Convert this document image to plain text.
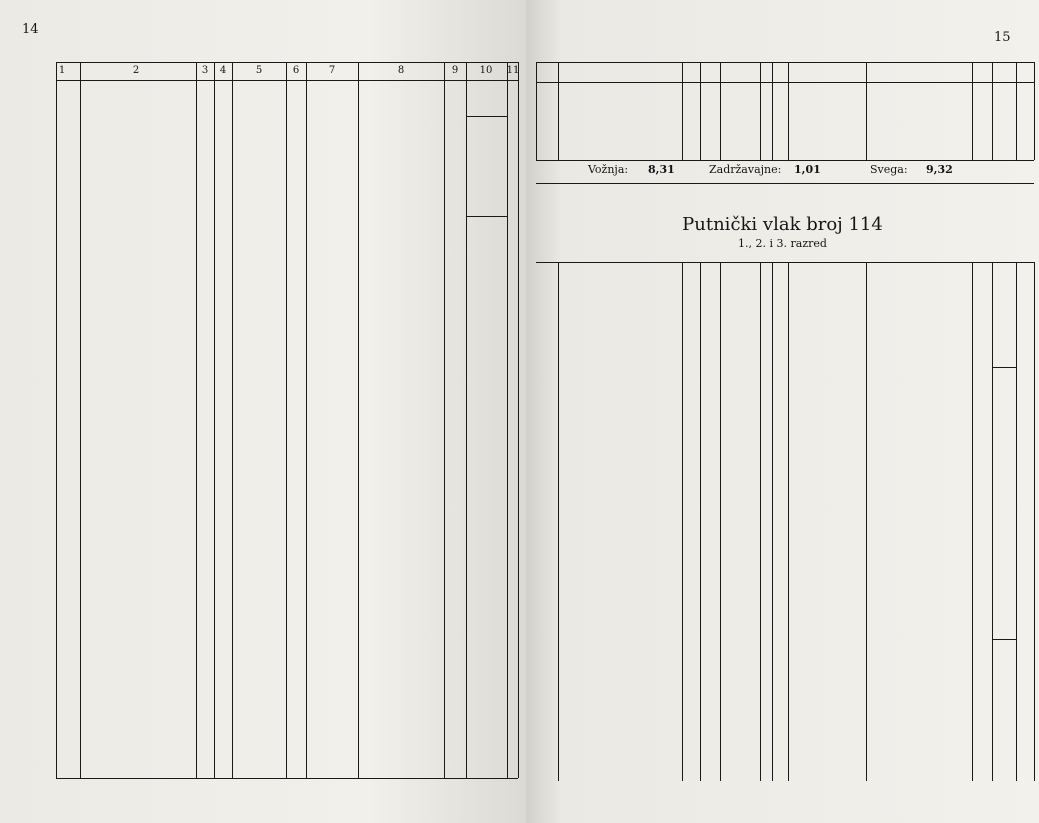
14
1	2	3	4	5	6	7	8	9	10	11
15
Vožnja: 8,31	Zadržavajne: 1,01	Svega: 9,32
Putnički vlak broj 114
1., 2. i 3. razred
